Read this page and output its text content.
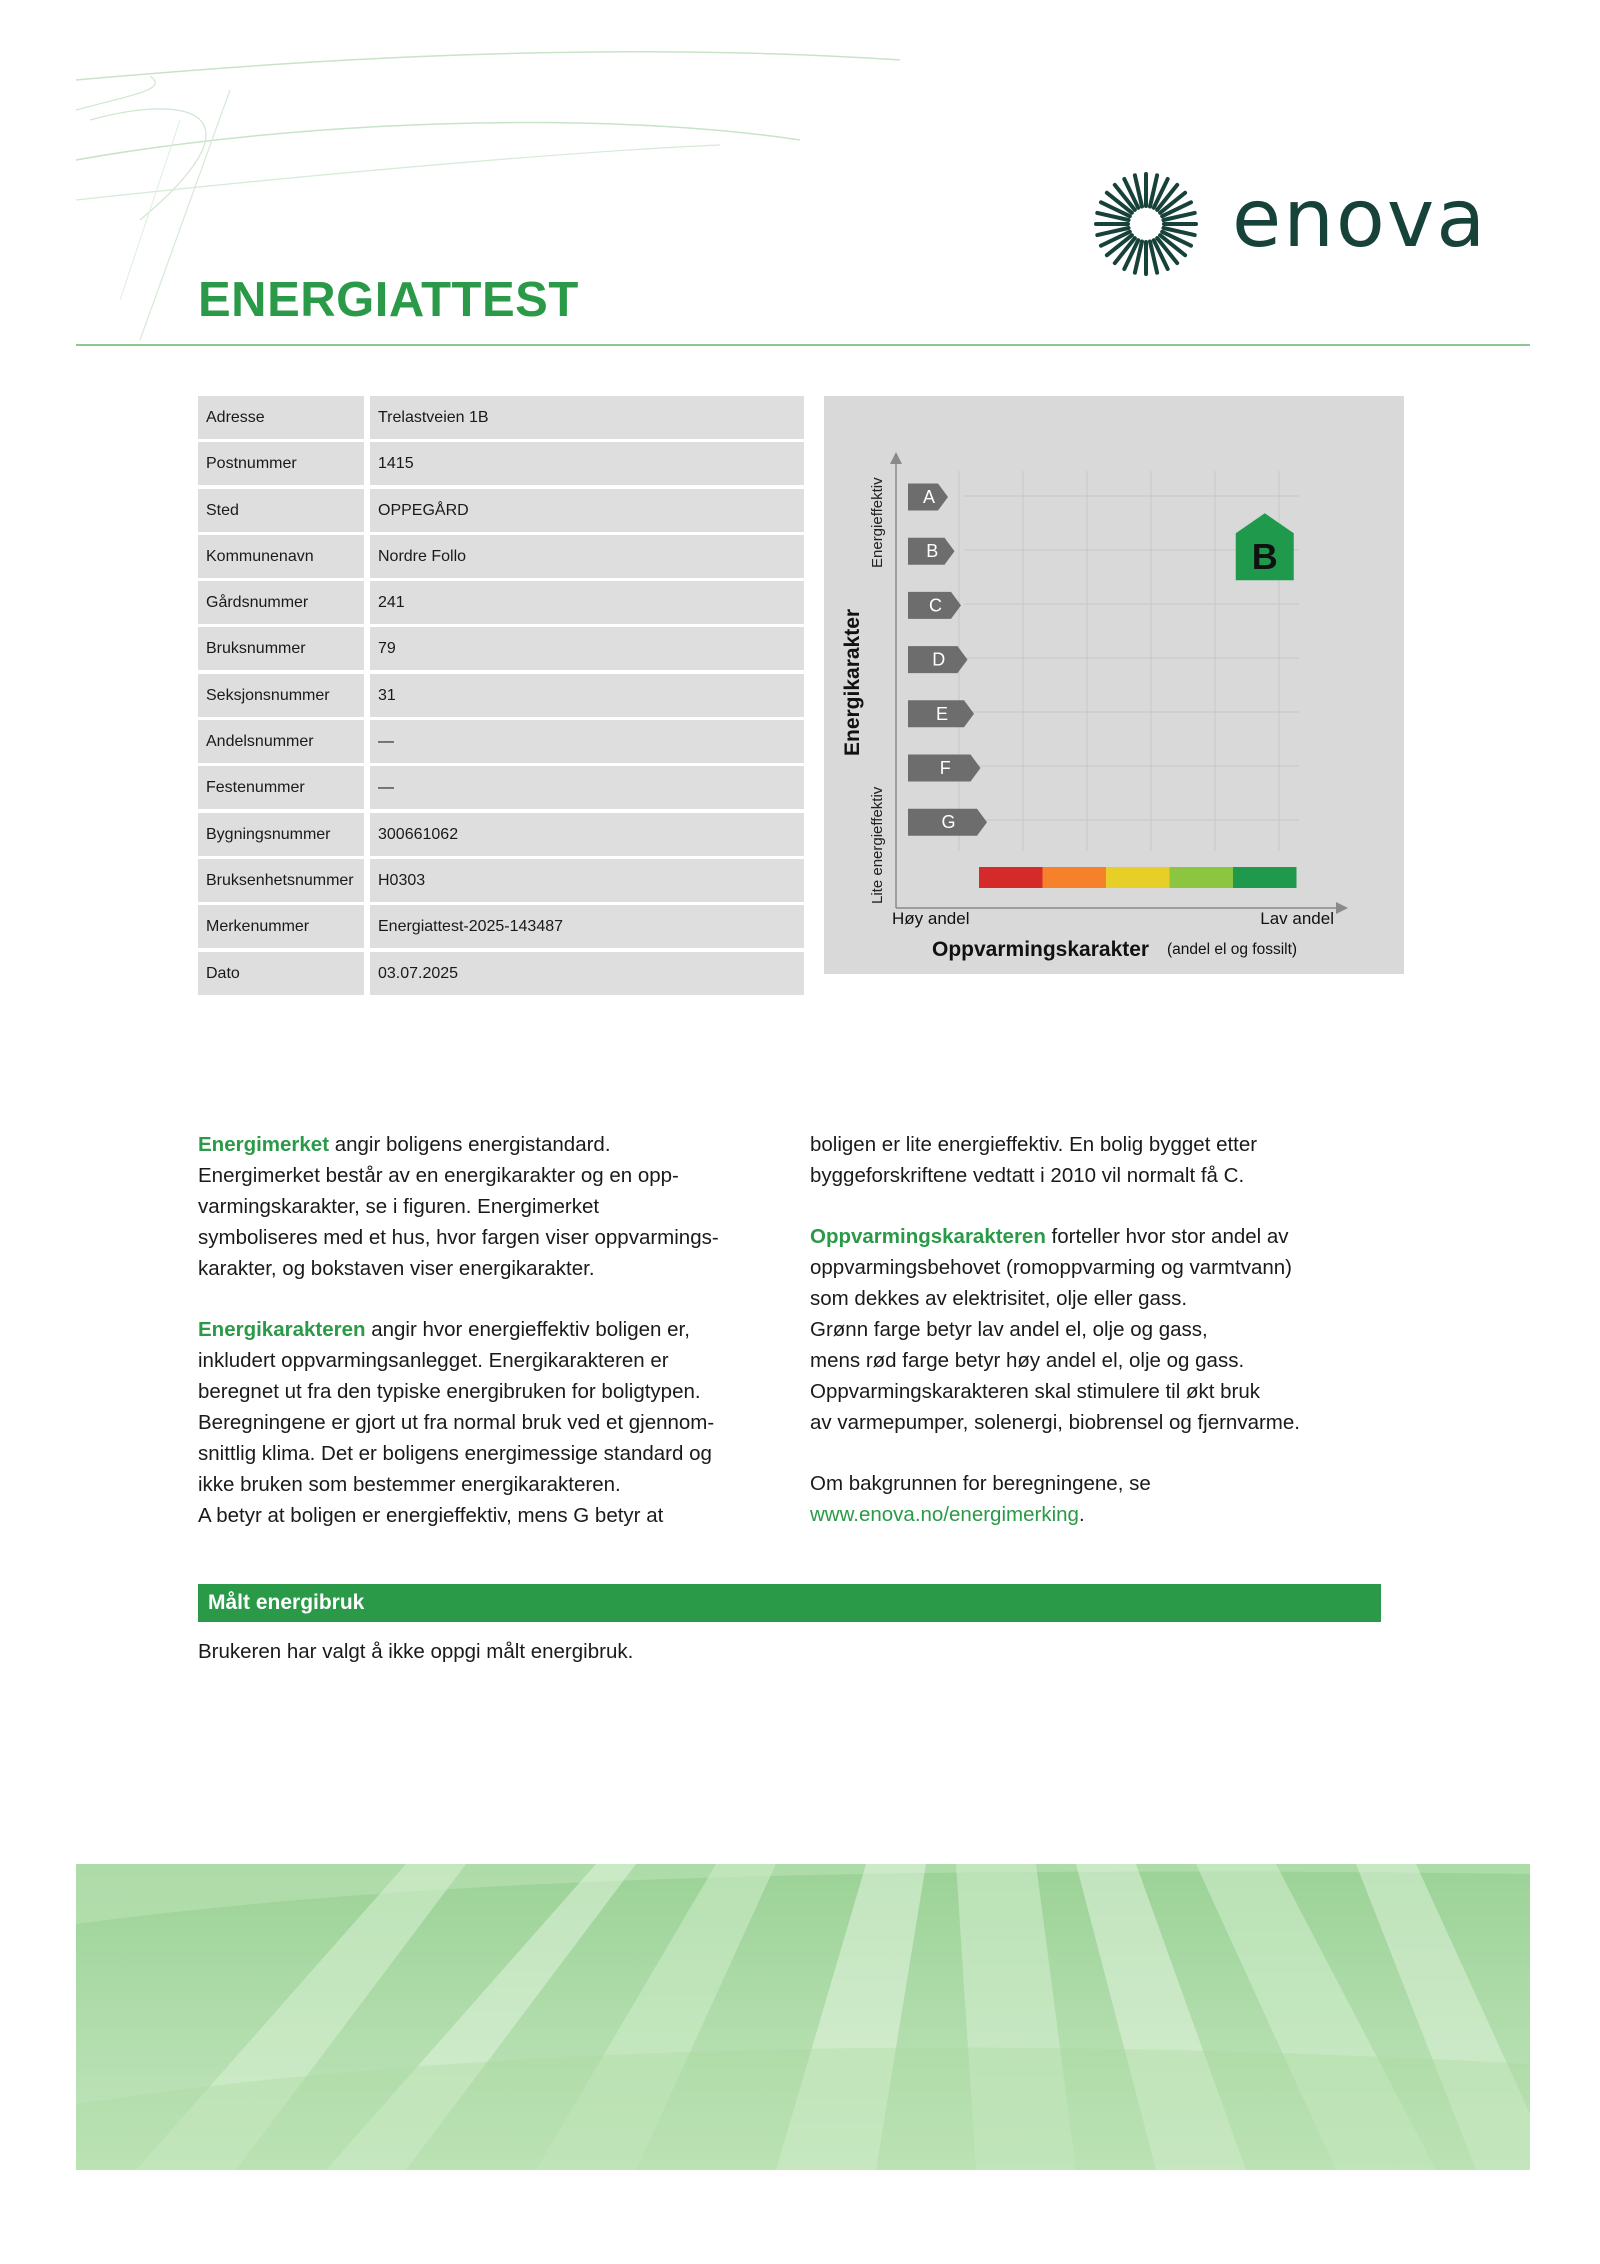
ENERGIATTEST
enova
Adresse	Trelastveien 1B
Postnummer	1415
Sted	OPPEGÅRD
Kommunenavn	Nordre Follo
Gårdsnummer	241
Bruksnummer	79
Seksjonsnummer	31
Andelsnummer	—
Festenummer	—
Bygningsnummer	300661062
Bruksenhetsnummer	H0303
Merkenummer	Energiattest-2025-143487
Dato	03.07.2025
A
B
C
D
E
F
G
B
Energikarakter
Energieffektiv
Lite energieffektiv
Høy andel	Lav andel
Oppvarmingskarakter (andel el og fossilt)
Energimerket angir boligens energistandard.
Energimerket består av en energikarakter og en opp-
varmingskarakter, se i figuren. Energimerket
symboliseres med et hus, hvor fargen viser oppvarmings-
karakter, og bokstaven viser energikarakter.
Energikarakteren angir hvor energieffektiv boligen er,
inkludert oppvarmingsanlegget. Energikarakteren er
beregnet ut fra den typiske energibruken for boligtypen.
Beregningene er gjort ut fra normal bruk ved et gjennom-
snittlig klima. Det er boligens energimessige standard og
ikke bruken som bestemmer energikarakteren.
A betyr at boligen er energieffektiv, mens G betyr at
boligen er lite energieffektiv. En bolig bygget etter
byggeforskriftene vedtatt i 2010 vil normalt få C.
Oppvarmingskarakteren forteller hvor stor andel av
oppvarmingsbehovet (romoppvarming og varmtvann)
som dekkes av elektrisitet, olje eller gass.
Grønn farge betyr lav andel el, olje og gass,
mens rød farge betyr høy andel el, olje og gass.
Oppvarmingskarakteren skal stimulere til økt bruk
av varmepumper, solenergi, biobrensel og fjernvarme.
Om bakgrunnen for beregningene, se
www.enova.no/energimerking.
Målt energibruk
Brukeren har valgt å ikke oppgi målt energibruk.
